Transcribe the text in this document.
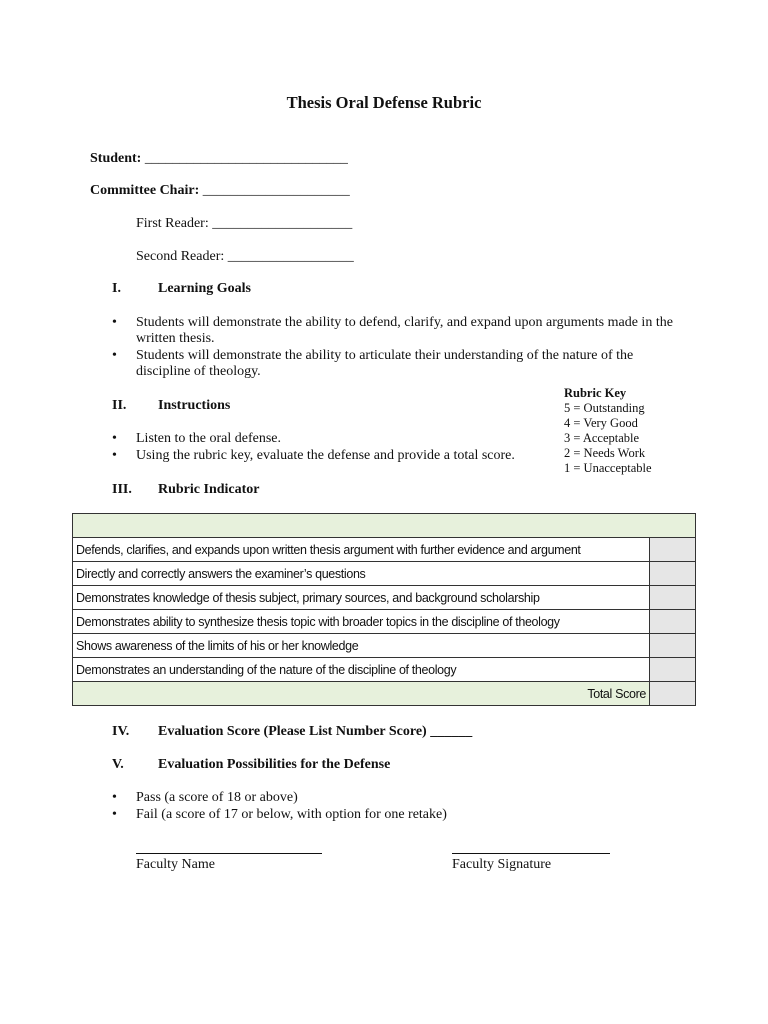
Thesis Oral Defense Rubric
Student: _____________________________
Committee Chair: _____________________
First Reader: ____________________
Second Reader: __________________
I.	Learning Goals
• Students will demonstrate the ability to defend, clarify, and expand upon arguments made in the
written thesis.
• Students will demonstrate the ability to articulate their understanding of the nature of the
discipline of theology.
Rubric Key
5 = Outstanding
4 = Very Good
3 = Acceptable
2 = Needs Work
1 = Unacceptable
II. Instructions
•	Listen to the oral defense.
•	Using the rubric key, evaluate the defense and provide a total score.
III. Rubric Indicator

Defends, clarifies, and expands upon written thesis argument with further evidence and argument	
Directly and correctly answers the examiner’s questions	
Demonstrates knowledge of thesis subject, primary sources, and background scholarship	
Demonstrates ability to synthesize thesis topic with broader topics in the discipline of theology	
Shows awareness of the limits of his or her knowledge	
Demonstrates an understanding of the nature of the discipline of theology	
Total Score	
IV. Evaluation Score (Please List Number Score) ______
V. Evaluation Possibilities for the Defense
•	Pass (a score of 18 or above)
•	Fail (a score of 17 or below, with option for one retake)
Faculty Name	Faculty Signature
